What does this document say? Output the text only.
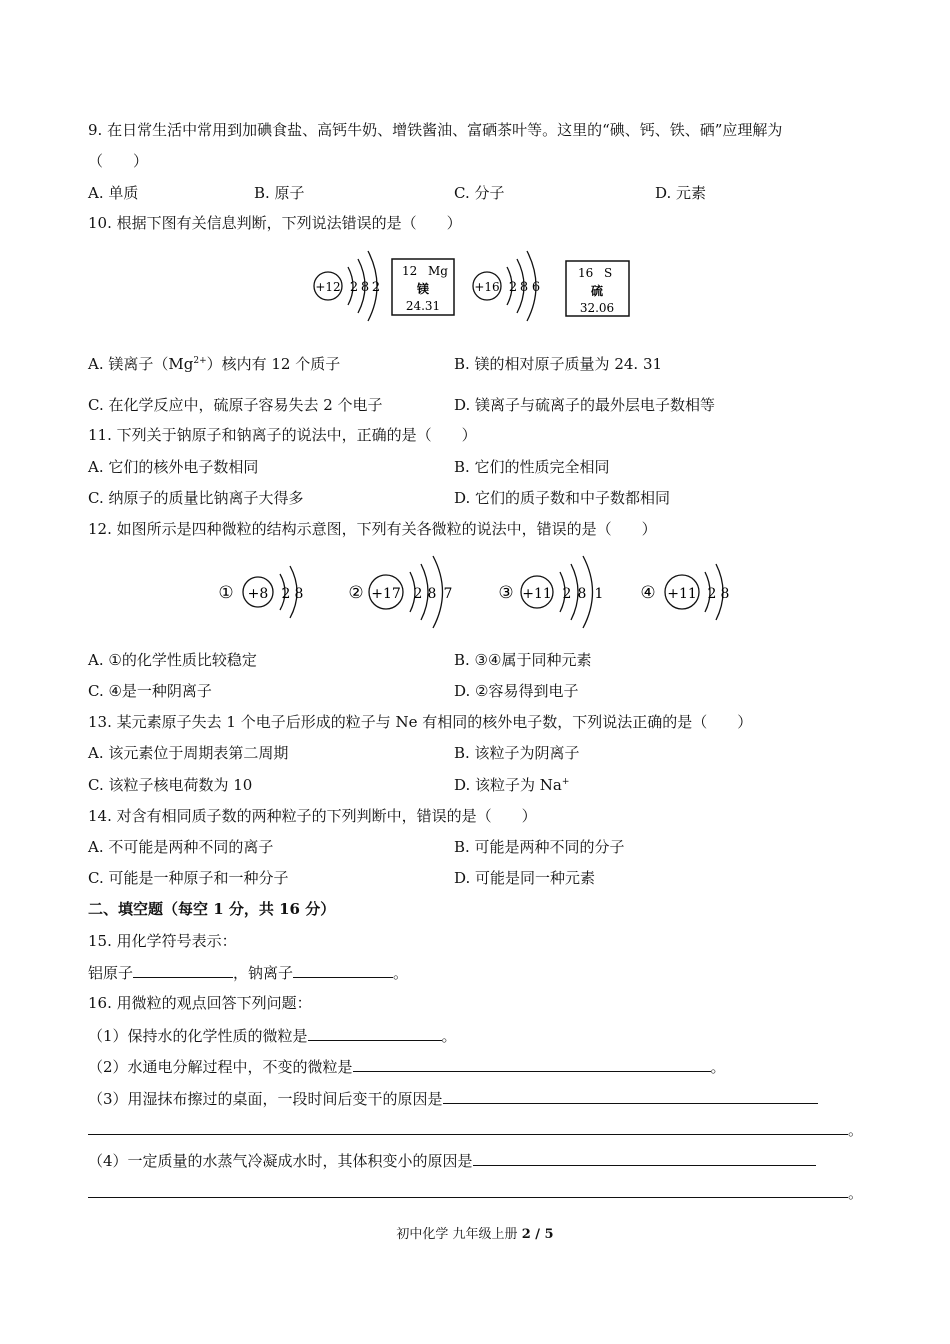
9. 在日常生活中常用到加碘食盐、高钙牛奶、增铁酱油、富硒茶叶等。这里的“碘、钙、铁、硒”应理解为
（　　）
A. 单质	B. 原子	C. 分子	D. 元素
10. 根据下图有关信息判断，下列说法错误的是（　　）
+12 2 8 2
12 Mg
镁
24.31
+16 2 8 6
16 S
硫
32.06
A. 镁离子$(Mg^{2+})$核内有 12 个质子	B. 镁的相对原子质量为 24. 31
C. 在化学反应中，硫原子容易失去 2 个电子	D. 镁离子与硫离子的最外层电子数相等
11. 下列关于钠原子和钠离子的说法中，正确的是（　　）
A. 它们的核外电子数相同	B. 它们的性质完全相同
C. 纳原子的质量比钠离子大得多	D. 它们的质子数和中子数都相同
12. 如图所示是四种微粒的结构示意图，下列有关各微粒的说法中，错误的是（　　）
① +8 2 8	② +17 2 8 7	③ +11 2 8 1 ④ +11 2 8
A. ①的化学性质比较稳定	B. ③④属于同种元素
C. ④是一种阴离子	D. ②容易得到电子
13. 某元素原子失去 1 个电子后形成的粒子与 Ne 有相同的核外电子数，下列说法正确的是（　　）
A. 该元素位于周期表第二周期	B. 该粒子为阴离子
C. 该粒子核电荷数为 10	D. 该粒子为 Na+
14. 对含有相同质子数的两种粒子的下列判断中，错误的是（　　）
A. 不可能是两种不同的离子	B. 可能是两种不同的分子
C. 可能是一种原子和一种分子	D. 可能是同一种元素
二、填空题（每空 1 分，共 16 分）
15. 用化学符号表示：
铝原子	，钠离子	。
16. 用微粒的观点回答下列问题：
（1）保持水的化学性质的微粒是	。
（2）水通电分解过程中，不变的微粒是	。
（3）用湿抹布擦过的桌面，一段时间后变干的原因是
。
（4）一定质量的水蒸气冷凝成水时，其体积变小的原因是
。
初中化学 九年级上册 2 / 5
